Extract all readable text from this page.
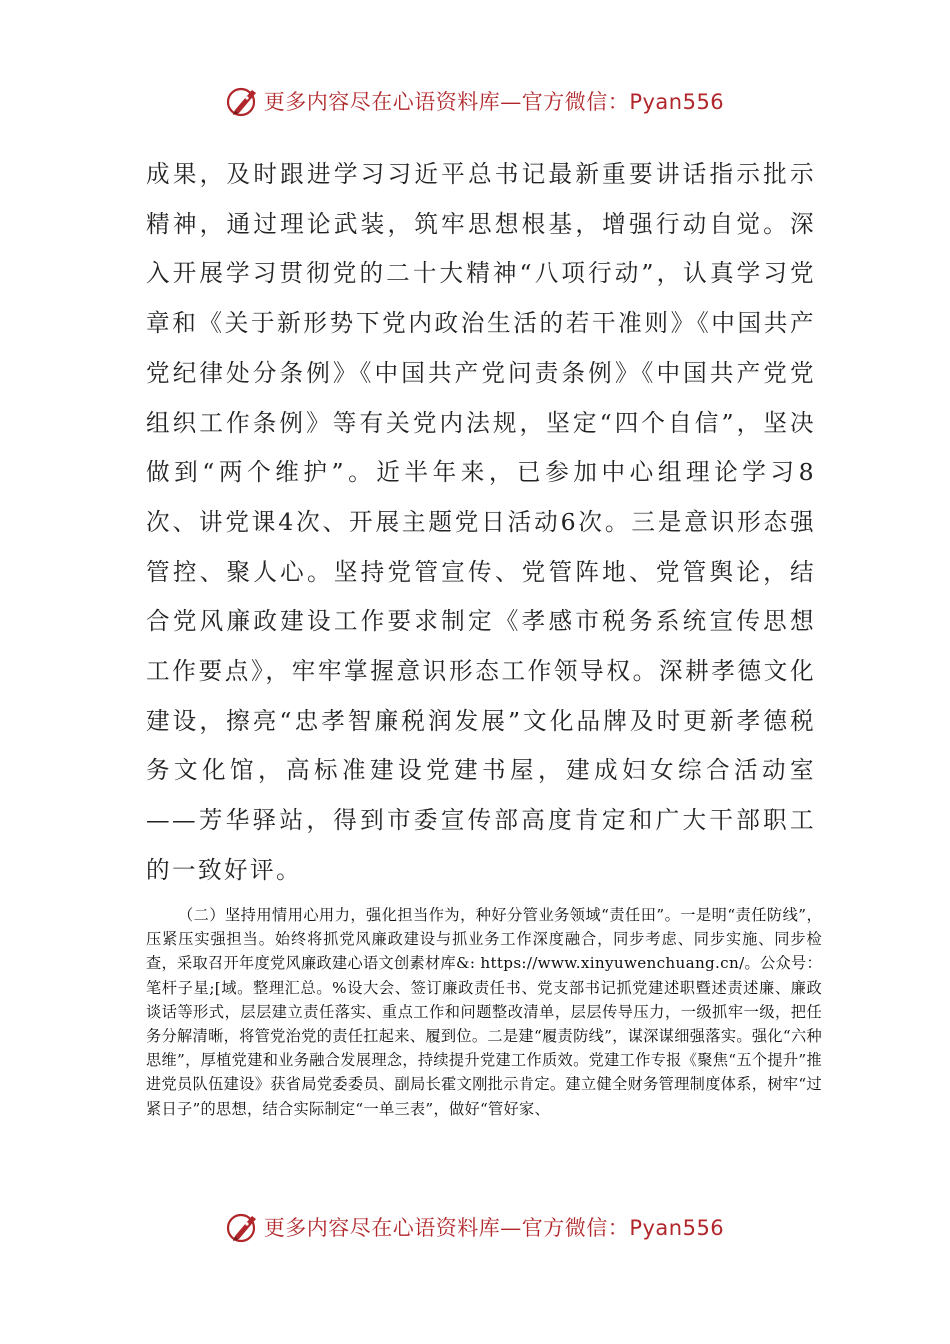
更多内容尽在心语资料库—官方微信：Pyan556

成果，及时跟进学习习近平总书记最新重要讲话指示批示精神，通过理论武装，筑牢思想根基，增强行动自觉。深入开展学习贯彻党的二十大精神“八项行动”，认真学习党章和《关于新形势下党内政治生活的若干准则》《中国共产党纪律处分条例》《中国共产党问责条例》《中国共产党党组织工作条例》等有关党内法规，坚定“四个自信”，坚决做到“两个维护”。近半年来，已参加中心组理论学习8次、讲党课4次、开展主题党日活动6次。三是意识形态强管控、聚人心。坚持党管宣传、党管阵地、党管舆论，结合党风廉政建设工作要求制定《孝感市税务系统宣传思想工作要点》，牢牢掌握意识形态工作领导权。深耕孝德文化建设，擦亮“忠孝智廉税润发展”文化品牌及时更新孝德税务文化馆，高标准建设党建书屋，建成妇女综合活动室——芳华驿站，得到市委宣传部高度肯定和广大干部职工的一致好评。

（二）坚持用情用心用力，强化担当作为，种好分管业务领域“责任田”。一是明“责任防线”，压紧压实强担当。始终将抓党风廉政建设与抓业务工作深度融合，同步考虑、同步实施、同步检查，采取召开年度党风廉政建心语文创素材库&: https://www.xinyuwenchuang.cn/。公众号：笔杆子星;[域。整理汇总。%设大会、签订廉政责任书、党支部书记抓党建述职暨述责述廉、廉政谈话等形式，层层建立责任落实、重点工作和问题整改清单，层层传导压力，一级抓牢一级，把任务分解清晰，将管党治党的责任扛起来、履到位。二是建“履责防线”，谋深谋细强落实。强化“六种思维”，厚植党建和业务融合发展理念，持续提升党建工作质效。党建工作专报《聚焦“五个提升”推进党员队伍建设》获省局党委委员、副局长霍文刚批示肯定。建立健全财务管理制度体系，树牢“过紧日子”的思想，结合实际制定“一单三表”，做好“管好家、

更多内容尽在心语资料库—官方微信：Pyan556
